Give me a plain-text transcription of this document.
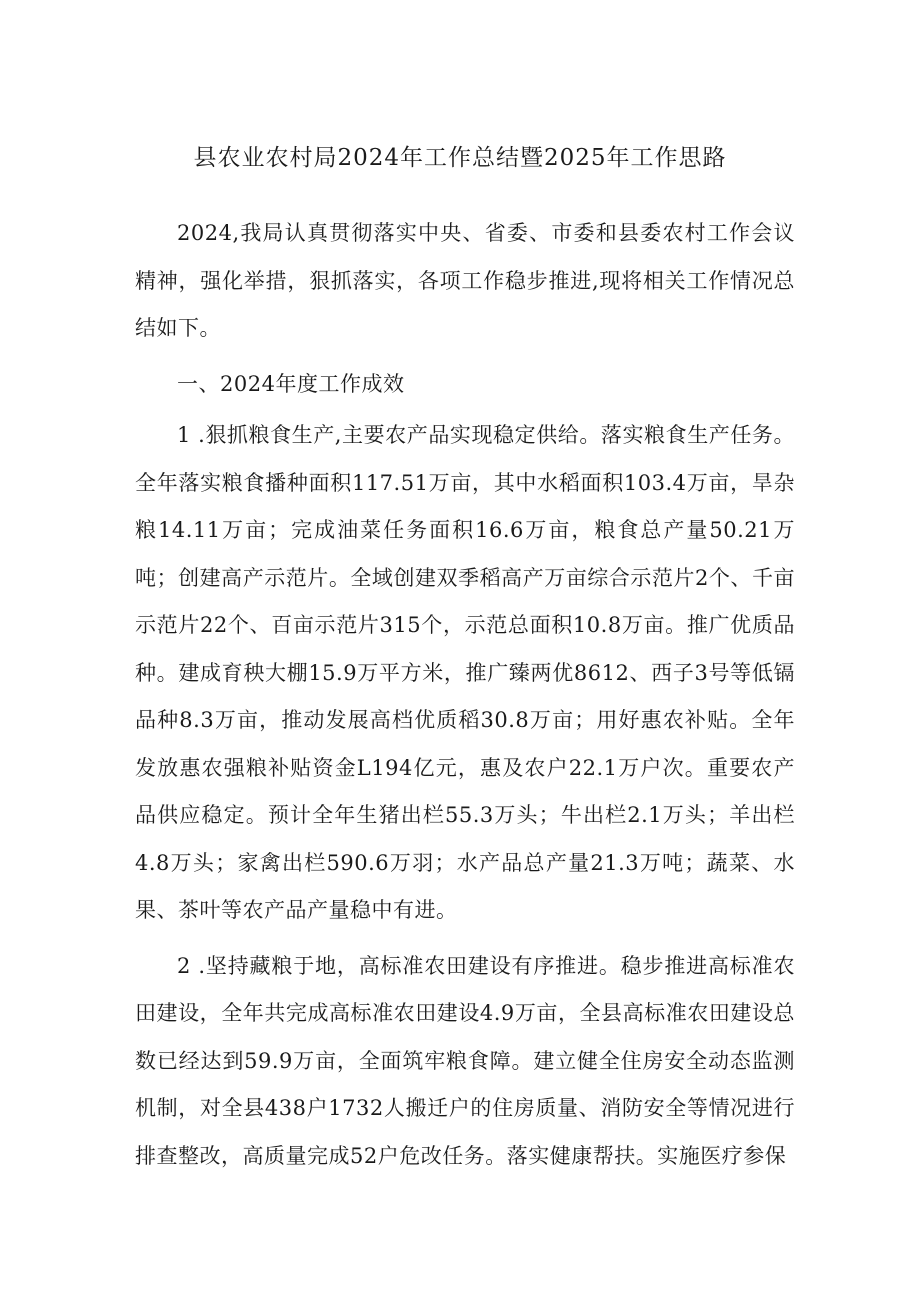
县农业农村局2024年工作总结暨2025年工作思路

2024,我局认真贯彻落实中央、省委、市委和县委农村工作会议精神，强化举措，狠抓落实，各项工作稳步推进,现将相关工作情况总结如下。

一、2024年度工作成效

1 .狠抓粮食生产,主要农产品实现稳定供给。落实粮食生产任务。全年落实粮食播种面积117.51万亩，其中水稻面积103.4万亩，旱杂粮14.11万亩；完成油菜任务面积16.6万亩，粮食总产量50.21万吨；创建高产示范片。全域创建双季稻高产万亩综合示范片2个、千亩示范片22个、百亩示范片315个，示范总面积10.8万亩。推广优质品种。建成育秧大棚15.9万平方米，推广臻两优8612、西子3号等低镉品种8.3万亩，推动发展高档优质稻30.8万亩；用好惠农补贴。全年发放惠农强粮补贴资金L194亿元，惠及农户22.1万户次。重要农产品供应稳定。预计全年生猪出栏55.3万头；牛出栏2.1万头；羊出栏4.8万头；家禽出栏590.6万羽；水产品总产量21.3万吨；蔬菜、水果、茶叶等农产品产量稳中有进。

2 .坚持藏粮于地，高标准农田建设有序推进。稳步推进高标准农田建设，全年共完成高标准农田建设4.9万亩，全县高标准农田建设总数已经达到59.9万亩，全面筑牢粮食障。建立健全住房安全动态监测机制，对全县438户1732人搬迁户的住房质量、消防安全等情况进行排查整改，高质量完成52户危改任务。落实健康帮扶。实施医疗参保
